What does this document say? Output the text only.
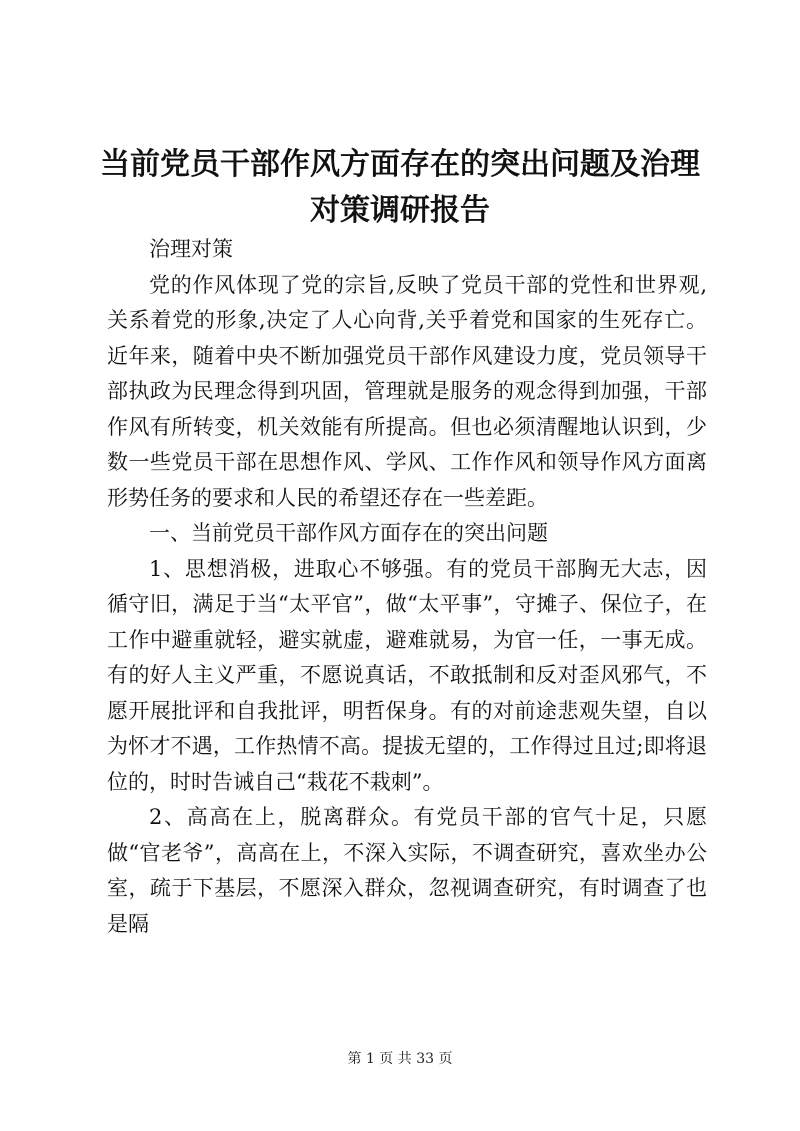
当前党员干部作风方面存在的突出问题及治理
对策调研报告

治理对策

党的作风体现了党的宗旨,反映了党员干部的党性和世界观,关系着党的形象,决定了人心向背,关乎着党和国家的生死存亡。近年来，随着中央不断加强党员干部作风建设力度，党员领导干部执政为民理念得到巩固，管理就是服务的观念得到加强，干部作风有所转变，机关效能有所提高。但也必须清醒地认识到，少数一些党员干部在思想作风、学风、工作作风和领导作风方面离形势任务的要求和人民的希望还存在一些差距。

一、当前党员干部作风方面存在的突出问题

1、思想消极，进取心不够强。有的党员干部胸无大志，因循守旧，满足于当“太平官”，做“太平事”，守摊子、保位子，在工作中避重就轻，避实就虚，避难就易，为官一任，一事无成。有的好人主义严重，不愿说真话，不敢抵制和反对歪风邪气，不愿开展批评和自我批评，明哲保身。有的对前途悲观失望，自以为怀才不遇，工作热情不高。提拔无望的，工作得过且过;即将退位的，时时告诫自己“栽花不栽刺”。

2、高高在上，脱离群众。有党员干部的官气十足，只愿做“官老爷”，高高在上，不深入实际，不调查研究，喜欢坐办公室，疏于下基层，不愿深入群众，忽视调查研究，有时调查了也是隔

第 1 页 共 33 页
